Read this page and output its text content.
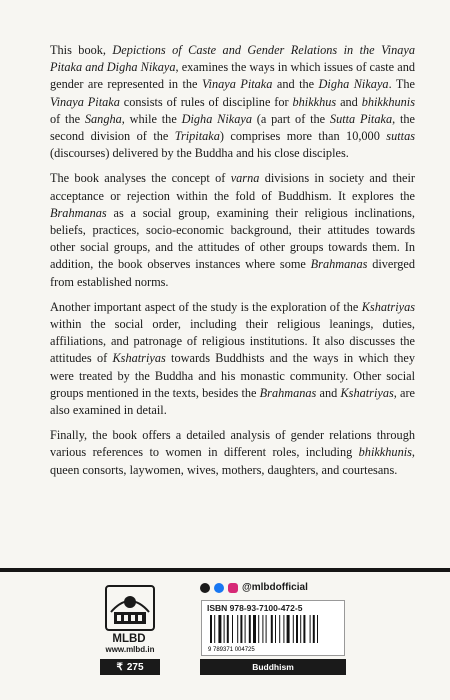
This book, Depictions of Caste and Gender Relations in the Vinaya Pitaka and Digha Nikaya, examines the ways in which issues of caste and gender are represented in the Vinaya Pitaka and the Digha Nikaya. The Vinaya Pitaka consists of rules of discipline for bhikkhus and bhikkhunis of the Sangha, while the Digha Nikaya (a part of the Sutta Pitaka, the second division of the Tripitaka) comprises more than 10,000 suttas (discourses) delivered by the Buddha and his close disciples.

The book analyses the concept of varna divisions in society and their acceptance or rejection within the fold of Buddhism. It explores the Brahmanas as a social group, examining their religious inclinations, beliefs, practices, socio-economic background, their attitudes towards other social groups, and the attitudes of other groups towards them. In addition, the book observes instances where some Brahmanas diverged from established norms.

Another important aspect of the study is the exploration of the Kshatriyas within the social order, including their religious leanings, duties, affiliations, and patronage of religious institutions. It also discusses the attitudes of Kshatriyas towards Buddhists and the ways in which they were treated by the Buddha and his monastic community. Other social groups mentioned in the texts, besides the Brahmanas and Kshatriyas, are also examined in detail.

Finally, the book offers a detailed analysis of gender relations through various references to women in different roles, including bhikkhunis, queen consorts, laywomen, wives, mothers, daughters, and courtesans.

MLBD
www.mlbd.in
₹ 275
@mlbdofficial
ISBN 978-93-7100-472-5
9 789371 004725
Buddhism
